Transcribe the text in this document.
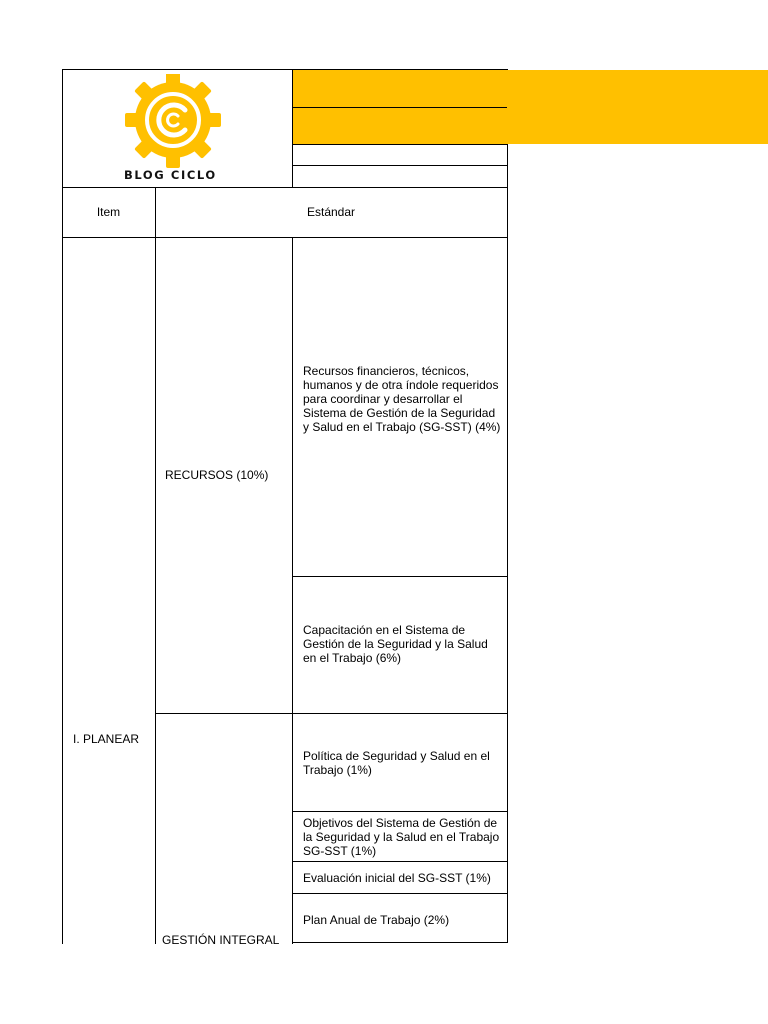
BLOG CICLO
Item	Estándar
I. PLANEAR
RECURSOS (10%)
GESTIÓN INTEGRAL
Recursos financieros, técnicos, humanos y de otra índole requeridos para coordinar y desarrollar el Sistema de Gestión de la Seguridad y Salud en el Trabajo (SG-SST) (4%)
Capacitación en el Sistema de Gestión de la Seguridad y la Salud en el Trabajo (6%)
Política de Seguridad y Salud en el Trabajo (1%)
Objetivos del Sistema de Gestión de la Seguridad y la Salud en el Trabajo SG-SST (1%)
Evaluación inicial del SG-SST (1%)
Plan Anual de Trabajo (2%)
